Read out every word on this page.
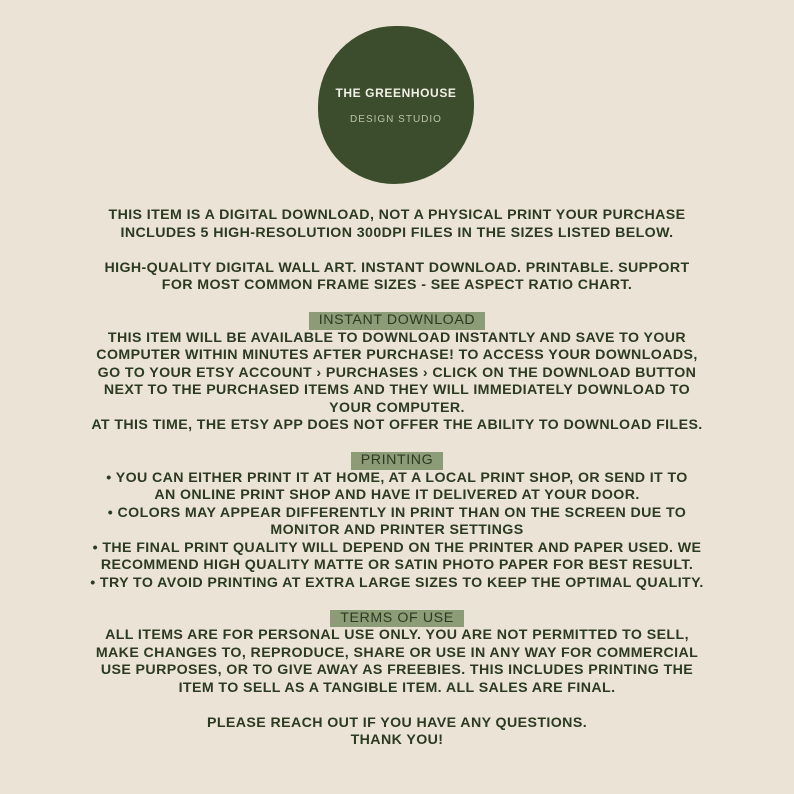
THE GREENHOUSE
DESIGN STUDIO

THIS ITEM IS A DIGITAL DOWNLOAD, NOT A PHYSICAL PRINT YOUR PURCHASE

INCLUDES 5 HIGH-RESOLUTION 300DPI FILES IN THE SIZES LISTED BELOW.

HIGH-QUALITY DIGITAL WALL ART. INSTANT DOWNLOAD. PRINTABLE. SUPPORT

FOR MOST COMMON FRAME SIZES - SEE ASPECT RATIO CHART.

INSTANT DOWNLOAD

THIS ITEM WILL BE AVAILABLE TO DOWNLOAD INSTANTLY AND SAVE TO YOUR

COMPUTER WITHIN MINUTES AFTER PURCHASE! TO ACCESS YOUR DOWNLOADS,

GO TO YOUR ETSY ACCOUNT › PURCHASES › CLICK ON THE DOWNLOAD BUTTON

NEXT TO THE PURCHASED ITEMS AND THEY WILL IMMEDIATELY DOWNLOAD TO

YOUR COMPUTER.

AT THIS TIME, THE ETSY APP DOES NOT OFFER THE ABILITY TO DOWNLOAD FILES.

PRINTING

• YOU CAN EITHER PRINT IT AT HOME, AT A LOCAL PRINT SHOP, OR SEND IT TO

AN ONLINE PRINT SHOP AND HAVE IT DELIVERED AT YOUR DOOR.

• COLORS MAY APPEAR DIFFERENTLY IN PRINT THAN ON THE SCREEN DUE TO

MONITOR AND PRINTER SETTINGS

• THE FINAL PRINT QUALITY WILL DEPEND ON THE PRINTER AND PAPER USED. WE

RECOMMEND HIGH QUALITY MATTE OR SATIN PHOTO PAPER FOR BEST RESULT.

• TRY TO AVOID PRINTING AT EXTRA LARGE SIZES TO KEEP THE OPTIMAL QUALITY.

TERMS OF USE

ALL ITEMS ARE FOR PERSONAL USE ONLY. YOU ARE NOT PERMITTED TO SELL,

MAKE CHANGES TO, REPRODUCE, SHARE OR USE IN ANY WAY FOR COMMERCIAL

USE PURPOSES, OR TO GIVE AWAY AS FREEBIES. THIS INCLUDES PRINTING THE

ITEM TO SELL AS A TANGIBLE ITEM. ALL SALES ARE FINAL.

PLEASE REACH OUT IF YOU HAVE ANY QUESTIONS.

THANK YOU!
